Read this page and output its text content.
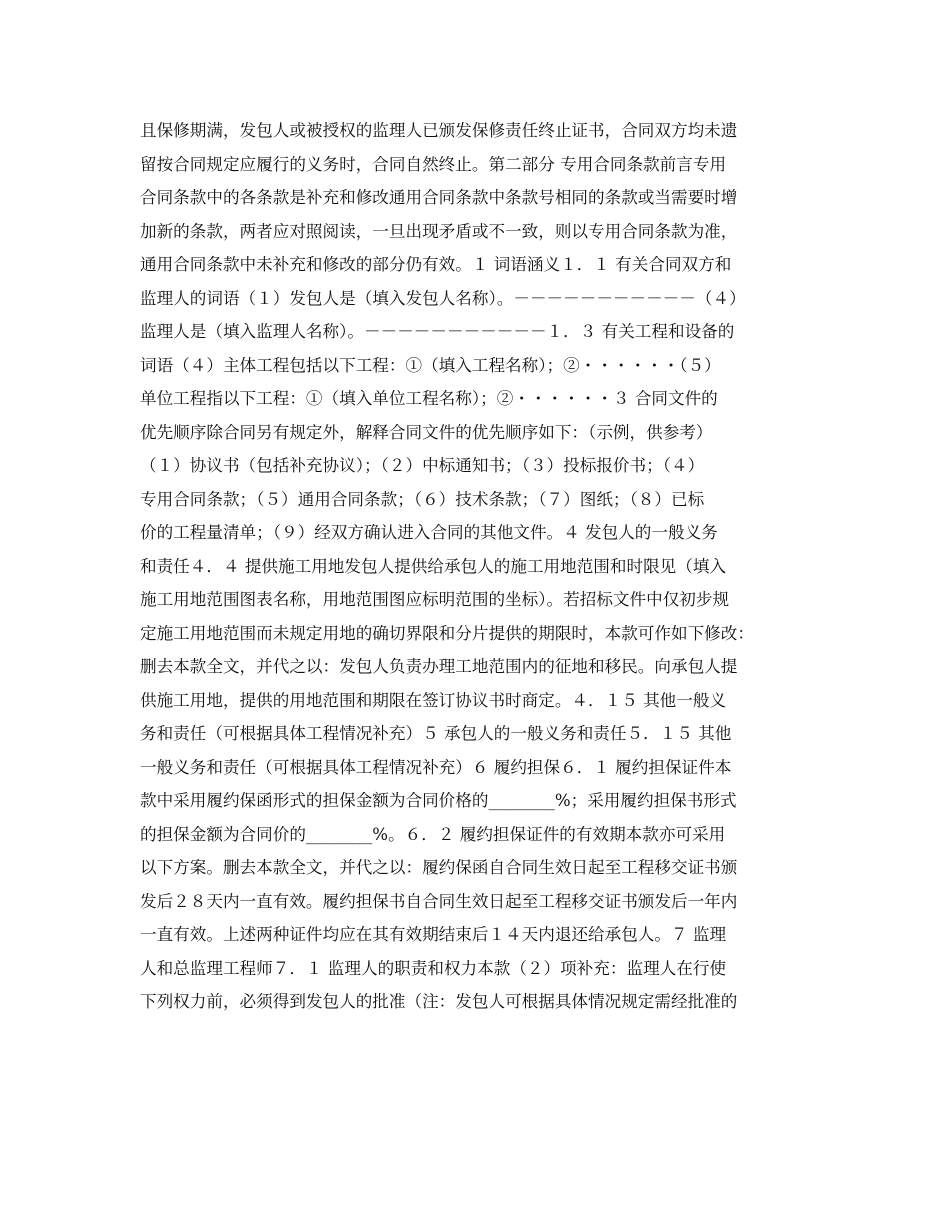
且保修期满，发包人或被授权的监理人已颁发保修责任终止证书，合同双方均未遗
留按合同规定应履行的义务时，合同自然终止。第二部分 专用合同条款前言专用
合同条款中的各条款是补充和修改通用合同条款中条款号相同的条款或当需要时增
加新的条款，两者应对照阅读，一旦出现矛盾或不一致，则以专用合同条款为准，
通用合同条款中未补充和修改的部分仍有效。１ 词语涵义１．１ 有关合同双方和
监理人的词语（１）发包人是（填入发包人名称）。－－－－－－－－－－－（４）
监理人是（填入监理人名称）。－－－－－－－－－－－１．３ 有关工程和设备的
词语（４）主体工程包括以下工程：①（填入工程名称）；②・・・・・・（５）
单位工程指以下工程：①（填入单位工程名称）；②・・・・・・３ 合同文件的
优先顺序除合同另有规定外，解释合同文件的优先顺序如下：（示例，供参考）
（１）协议书（包括补充协议）；（２）中标通知书；（３）投标报价书；（４）
专用合同条款；（５）通用合同条款；（６）技术条款；（７）图纸；（８）已标
价的工程量清单；（９）经双方确认进入合同的其他文件。４ 发包人的一般义务
和责任４．４ 提供施工用地发包人提供给承包人的施工用地范围和时限见（填入
施工用地范围图表名称，用地范围图应标明范围的坐标）。若招标文件中仅初步规
定施工用地范围而未规定用地的确切界限和分片提供的期限时，本款可作如下修改：
删去本款全文，并代之以：发包人负责办理工地范围内的征地和移民。向承包人提
供施工用地，提供的用地范围和期限在签订协议书时商定。４．１５ 其他一般义
务和责任（可根据具体工程情况补充）５ 承包人的一般义务和责任５．１５ 其他
一般义务和责任（可根据具体工程情况补充）６ 履约担保６．１ 履约担保证件本
款中采用履约保函形式的担保金额为合同价格的________%；采用履约担保书形式
的担保金额为合同价的________%。６．２ 履约担保证件的有效期本款亦可采用
以下方案。删去本款全文，并代之以：履约保函自合同生效日起至工程移交证书颁
发后２８天内一直有效。履约担保书自合同生效日起至工程移交证书颁发后一年内
一直有效。上述两种证件均应在其有效期结束后１４天内退还给承包人。７ 监理
人和总监理工程师７．１ 监理人的职责和权力本款（２）项补充：监理人在行使
下列权力前，必须得到发包人的批准（注：发包人可根据具体情况规定需经批准的
